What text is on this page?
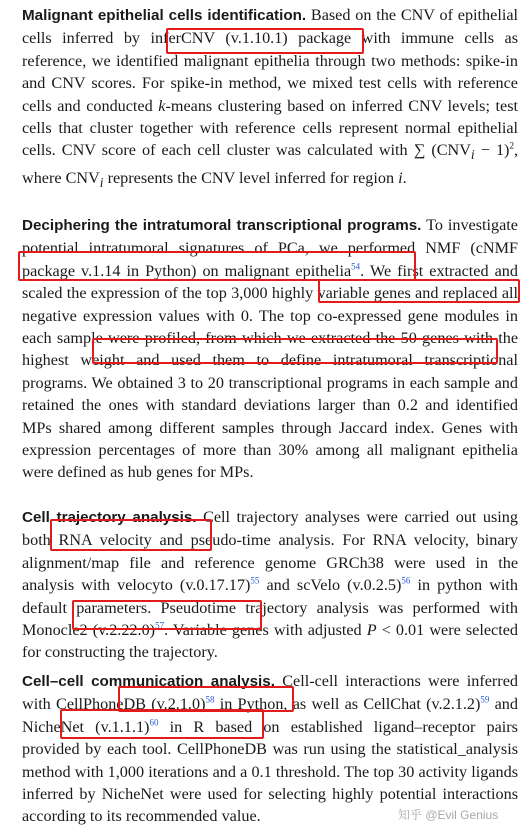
Malignant epithelial cells identification. Based on the CNV of epithelial cells inferred by inferCNV (v.1.10.1) package with immune cells as reference, we identified malignant epithelia through two methods: spike-in and CNV scores. For spike-in method, we mixed test cells with reference cells and conducted k-means clustering based on inferred CNV levels; test cells that cluster together with reference cells represent normal epithelial cells. CNV score of each cell cluster was calculated with ∑ $(CNV_i - 1)^2$, where $CNV_i$ represents the CNV level inferred for region i.

Deciphering the intratumoral transcriptional programs. To investigate potential intratumoral signatures of PCa, we performed NMF (cNMF package v.1.14 in Python) on malignant epithelia$^{54}$. We first extracted and scaled the expression of the top 3,000 highly variable genes and replaced all negative expression values with 0. The top co-expressed gene modules in each sample were profiled, from which we extracted the 50 genes with the highest weight and used them to define intratumoral transcriptional programs. We obtained 3 to 20 transcriptional programs in each sample and retained the ones with standard deviations larger than 0.2 and identified MPs shared among different samples through Jaccard index. Genes with expression percentages of more than 30% among all malignant epithelia were defined as hub genes for MPs.

Cell trajectory analysis. Cell trajectory analyses were carried out using both RNA velocity and pseudo-time analysis. For RNA velocity, binary alignment/map file and reference genome GRCh38 were used in the analysis with velocyto $(v.0.17.17)^{55}$ and scVelo $(v.0.2.5)^{56}$ in python with default parameters. Pseudotime trajectory analysis was performed with Monocle2 $(v.2.22.0)^{57}$. Variable genes with adjusted P < 0.01 were selected for constructing the trajectory.

Cell–cell communication analysis. Cell-cell interactions were inferred with CellPhoneDB $(v.2.1.0)^{58}$ in Python, as well as CellChat $(v.2.1.2)^{59}$ and NicheNet $(v.1.1.1)^{60}$ in R based on established ligand–receptor pairs provided by each tool. CellPhoneDB was run using the statistical_analysis method with 1,000 iterations and a 0.1 threshold. The top 30 activity ligands inferred by NicheNet were used for selecting highly potential interactions according to its recommended value.	知乎 @Evil Genius
